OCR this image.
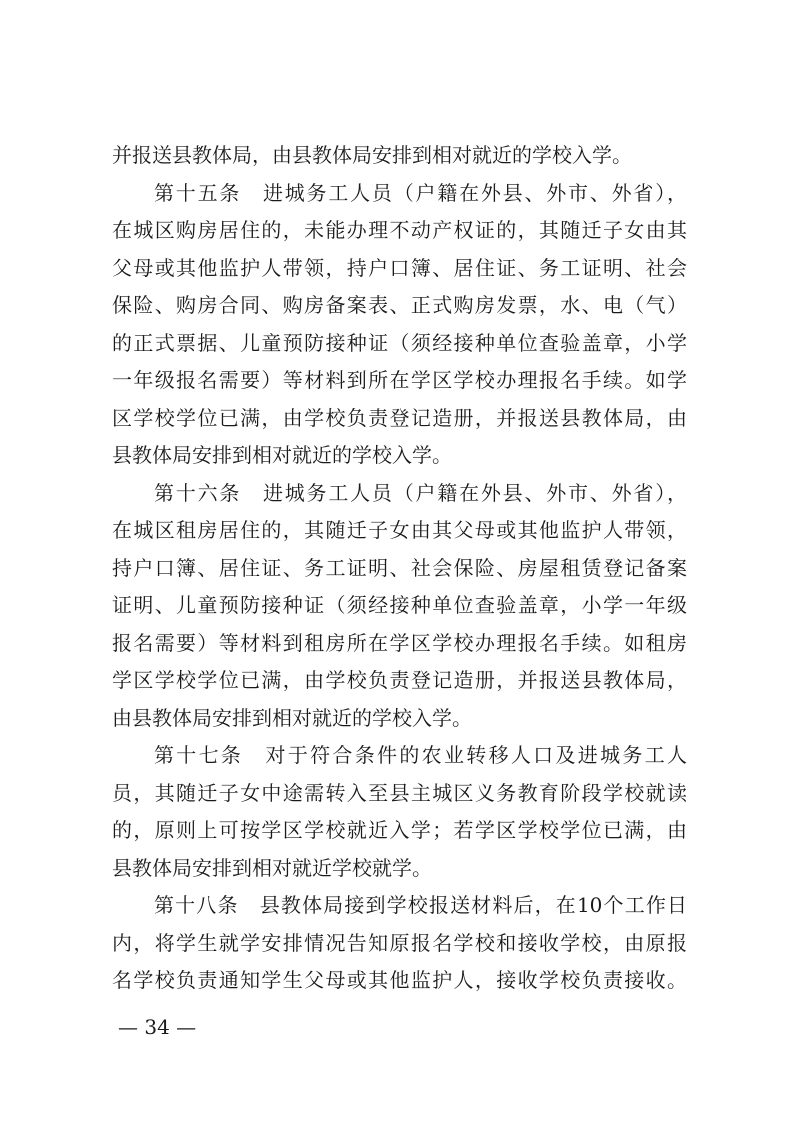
并报送县教体局，由县教体局安排到相对就近的学校入学。
第十五条　进城务工人员（户籍在外县、外市、外省），
在城区购房居住的，未能办理不动产权证的，其随迁子女由其
父母或其他监护人带领，持户口簿、居住证、务工证明、社会
保险、购房合同、购房备案表、正式购房发票，水、电（气）
的正式票据、儿童预防接种证（须经接种单位查验盖章，小学
一年级报名需要）等材料到所在学区学校办理报名手续。如学
区学校学位已满，由学校负责登记造册，并报送县教体局，由
县教体局安排到相对就近的学校入学。
第十六条　进城务工人员（户籍在外县、外市、外省），
在城区租房居住的，其随迁子女由其父母或其他监护人带领，
持户口簿、居住证、务工证明、社会保险、房屋租赁登记备案
证明、儿童预防接种证（须经接种单位查验盖章，小学一年级
报名需要）等材料到租房所在学区学校办理报名手续。如租房
学区学校学位已满，由学校负责登记造册，并报送县教体局，
由县教体局安排到相对就近的学校入学。
第十七条　对于符合条件的农业转移人口及进城务工人
员，其随迁子女中途需转入至县主城区义务教育阶段学校就读
的，原则上可按学区学校就近入学；若学区学校学位已满，由
县教体局安排到相对就近学校就学。
第十八条　县教体局接到学校报送材料后，在10个工作日
内，将学生就学安排情况告知原报名学校和接收学校，由原报
名学校负责通知学生父母或其他监护人，接收学校负责接收。
— 34 —
